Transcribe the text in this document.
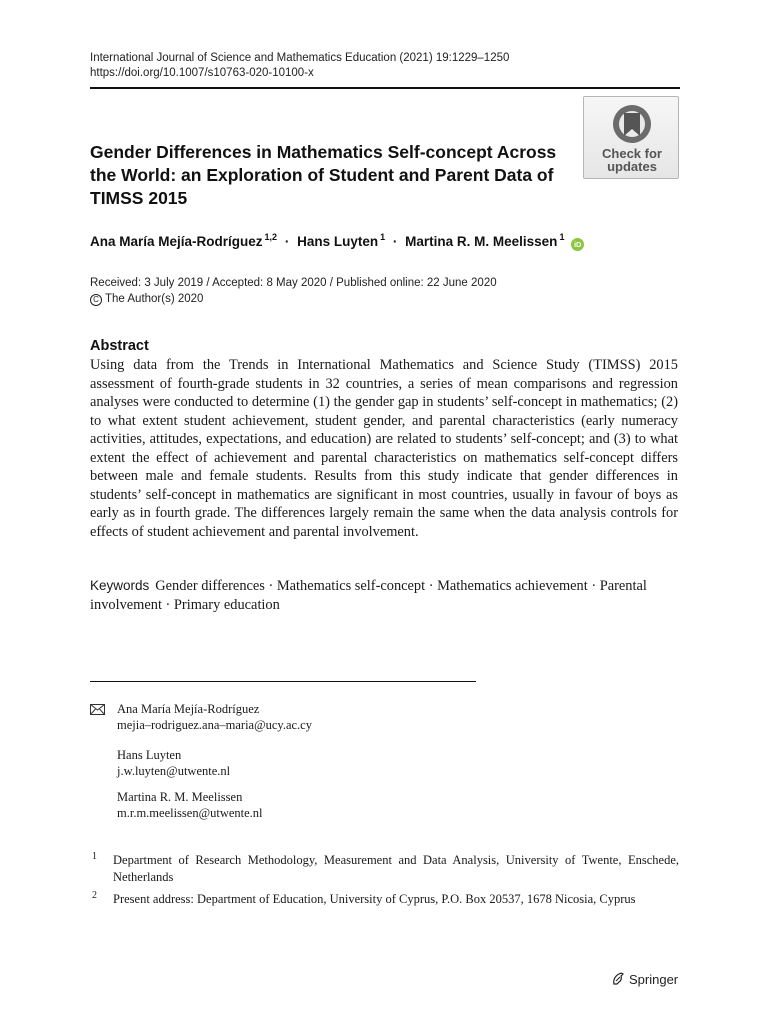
International Journal of Science and Mathematics Education (2021) 19:1229–1250
https://doi.org/10.1007/s10763-020-10100-x
Check for
updates
Gender Differences in Mathematics Self-concept Across the World: an Exploration of Student and Parent Data of TIMSS 2015
Ana María Mejía-Rodríguez $^{1,2}$ · Hans Luyten $^1$ · Martina R. M. Meelissen $^1$ iD
Received: 3 July 2019 / Accepted: 8 May 2020 / Published online: 22 June 2020
C The Author(s) 2020
Abstract
Using data from the Trends in International Mathematics and Science Study (TIMSS) 2015 assessment of fourth-grade students in 32 countries, a series of mean comparisons and regression analyses were conducted to determine (1) the gender gap in students’ self-concept in mathematics; (2) to what extent student achievement, student gender, and parental characteristics (early numeracy activities, attitudes, expectations, and education) are related to students’ self-concept; and (3) to what extent the effect of achievement and parental characteristics on mathematics self-concept differs between male and female students. Results from this study indicate that gender differences in students’ self-concept in mathematics are significant in most countries, usually in favour of boys as early as in fourth grade. The differences largely remain the same when the data analysis controls for effects of student achievement and parental involvement.
Keywords Gender differences · Mathematics self-concept · Mathematics achievement · Parental involvement · Primary education
Ana María Mejía-Rodríguez
mejia–rodriguez.ana–maria@ucy.ac.cy
Hans Luyten
j.w.luyten@utwente.nl
Martina R. M. Meelissen
m.r.m.meelissen@utwente.nl
1 Department of Research Methodology, Measurement and Data Analysis, University of Twente, Enschede, Netherlands
2 Present address: Department of Education, University of Cyprus, P.O. Box 20537, 1678 Nicosia, Cyprus
Springer
